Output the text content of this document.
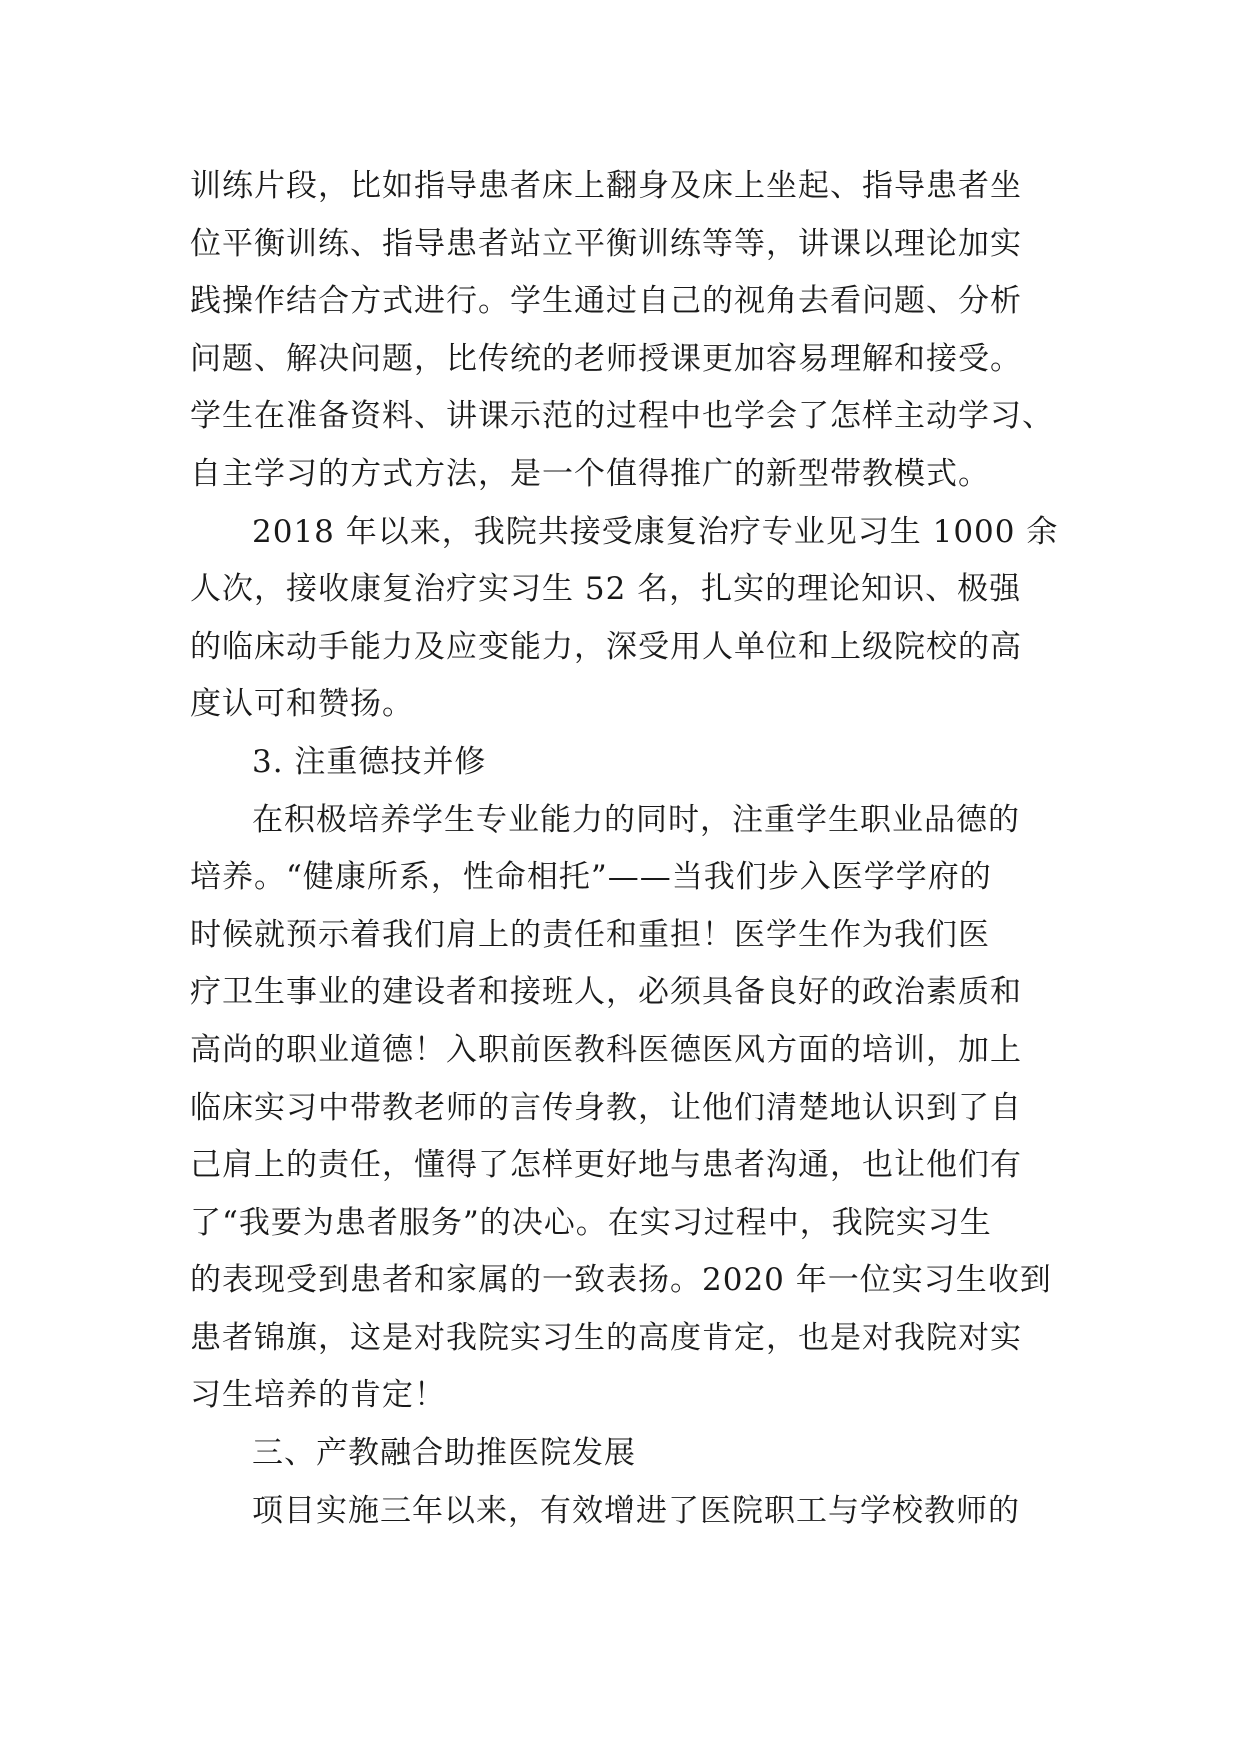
训练片段，比如指导患者床上翻身及床上坐起、指导患者坐
位平衡训练、指导患者站立平衡训练等等，讲课以理论加实
践操作结合方式进行。学生通过自己的视角去看问题、分析
问题、解决问题，比传统的老师授课更加容易理解和接受。
学生在准备资料、讲课示范的过程中也学会了怎样主动学习、
自主学习的方式方法，是一个值得推广的新型带教模式。
2018 年以来，我院共接受康复治疗专业见习生 1000 余
人次，接收康复治疗实习生 52 名，扎实的理论知识、极强
的临床动手能力及应变能力，深受用人单位和上级院校的高
度认可和赞扬。
3. 注重德技并修
在积极培养学生专业能力的同时，注重学生职业品德的
培养。“健康所系，性命相托”——当我们步入医学学府的
时候就预示着我们肩上的责任和重担！医学生作为我们医
疗卫生事业的建设者和接班人，必须具备良好的政治素质和
高尚的职业道德！入职前医教科医德医风方面的培训，加上
临床实习中带教老师的言传身教，让他们清楚地认识到了自
己肩上的责任，懂得了怎样更好地与患者沟通，也让他们有
了“我要为患者服务”的决心。在实习过程中，我院实习生
的表现受到患者和家属的一致表扬。2020 年一位实习生收到
患者锦旗，这是对我院实习生的高度肯定，也是对我院对实
习生培养的肯定！
三、产教融合助推医院发展
项目实施三年以来，有效增进了医院职工与学校教师的
